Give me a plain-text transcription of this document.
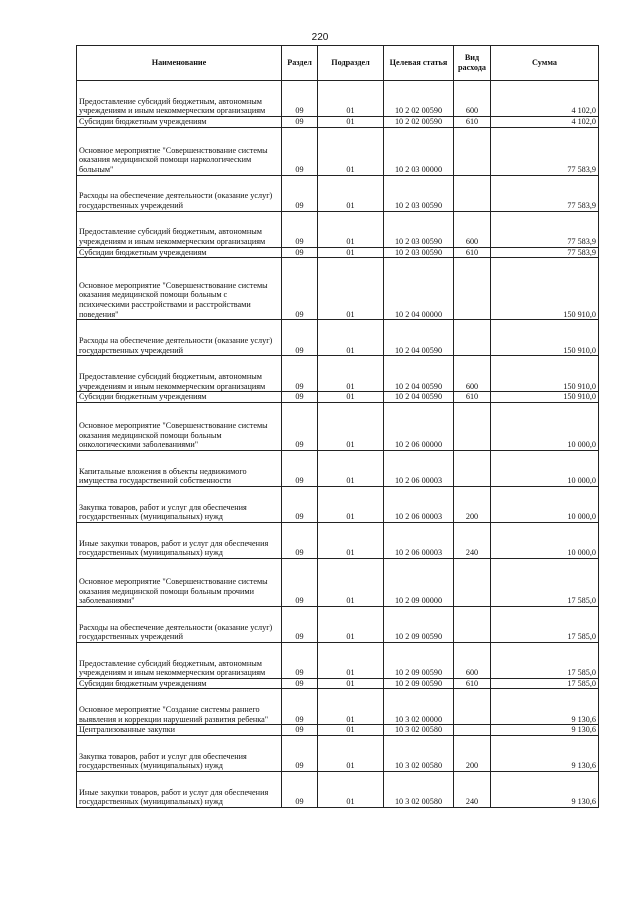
220
Наименование	Раздел	Подраздел	Целевая статья	Вид расхода	Сумма
Предоставление субсидий бюджетным, автономным учреждениям и иным некоммерческим организациям	09	01	10 2 02 00590	600	4 102,0
Субсидии бюджетным учреждениям	09	01	10 2 02 00590	610	4 102,0
Основное мероприятие "Совершенствование системы оказания медицинской помощи наркологическим больным"	09	01	10 2 03 00000		77 583,9
Расходы на обеспечение деятельности (оказание услуг) государственных учреждений	09	01	10 2 03 00590		77 583,9
Предоставление субсидий бюджетным, автономным учреждениям и иным некоммерческим организациям	09	01	10 2 03 00590	600	77 583,9
Субсидии бюджетным учреждениям	09	01	10 2 03 00590	610	77 583,9
Основное мероприятие "Совершенствование системы оказания медицинской помощи больным с психическими расстройствами и расстройствами поведения"	09	01	10 2 04 00000		150 910,0
Расходы на обеспечение деятельности (оказание услуг) государственных учреждений	09	01	10 2 04 00590		150 910,0
Предоставление субсидий бюджетным, автономным учреждениям и иным некоммерческим организациям	09	01	10 2 04 00590	600	150 910,0
Субсидии бюджетным учреждениям	09	01	10 2 04 00590	610	150 910,0
Основное мероприятие "Совершенствование системы оказания медицинской помощи больным онкологическими заболеваниями"	09	01	10 2 06 00000		10 000,0
Капитальные вложения в объекты недвижимого имущества государственной собственности	09	01	10 2 06 00003		10 000,0
Закупка товаров, работ и услуг для обеспечения государственных (муниципальных) нужд	09	01	10 2 06 00003	200	10 000,0
Иные закупки товаров, работ и услуг для обеспечения государственных (муниципальных) нужд	09	01	10 2 06 00003	240	10 000,0
Основное мероприятие "Совершенствование системы оказания медицинской помощи больным прочими заболеваниями"	09	01	10 2 09 00000		17 585,0
Расходы на обеспечение деятельности (оказание услуг) государственных учреждений	09	01	10 2 09 00590		17 585,0
Предоставление субсидий бюджетным, автономным учреждениям и иным некоммерческим организациям	09	01	10 2 09 00590	600	17 585,0
Субсидии бюджетным учреждениям	09	01	10 2 09 00590	610	17 585,0
Основное мероприятие "Создание системы раннего выявления и коррекции нарушений развития ребенка"	09	01	10 3 02 00000		9 130,6
Централизованные закупки	09	01	10 3 02 00580		9 130,6
Закупка товаров, работ и услуг для обеспечения государственных (муниципальных) нужд	09	01	10 3 02 00580	200	9 130,6
Иные закупки товаров, работ и услуг для обеспечения государственных (муниципальных) нужд	09	01	10 3 02 00580	240	9 130,6
